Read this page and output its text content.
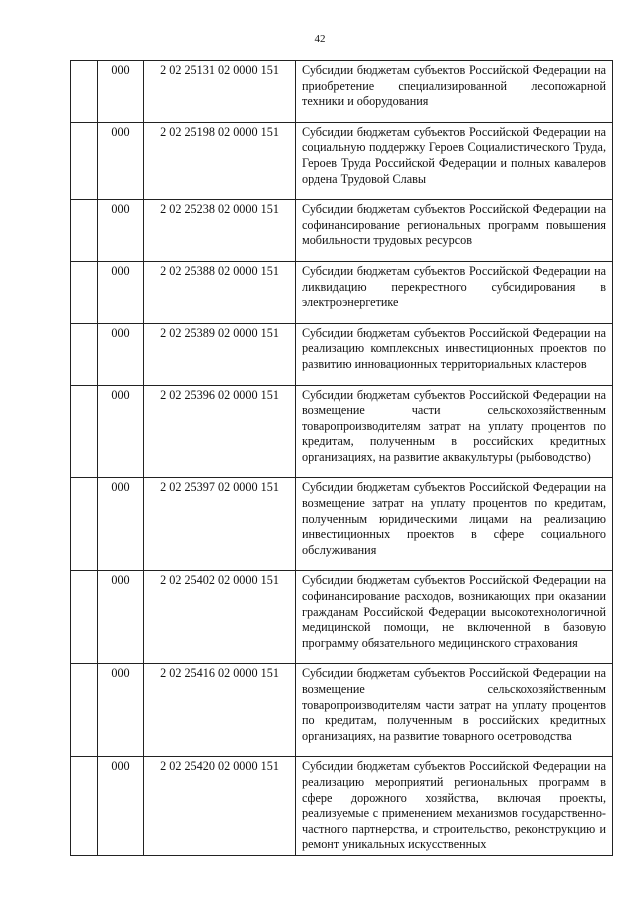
42
	000	2 02 25131 02 0000 151	Субсидии бюджетам субъектов Российской Федерации на приобретение специализированной лесопожарной техники и оборудования
	000	2 02 25198 02 0000 151	Субсидии бюджетам субъектов Российской Федерации на социальную поддержку Героев Социалистического Труда, Героев Труда Российской Федерации и полных кавалеров ордена Трудовой Славы
	000	2 02 25238 02 0000 151	Субсидии бюджетам субъектов Российской Федерации на софинансирование региональных программ повышения мобильности трудовых ресурсов
	000	2 02 25388 02 0000 151	Субсидии бюджетам субъектов Российской Федерации на ликвидацию перекрестного субсидирования в электроэнергетике
	000	2 02 25389 02 0000 151	Субсидии бюджетам субъектов Российской Федерации на реализацию комплексных инвестиционных проектов по развитию инновационных территориальных кластеров
	000	2 02 25396 02 0000 151	Субсидии бюджетам субъектов Российской Федерации на возмещение части сельскохозяйственным товаропроизводителям затрат на уплату процентов по кредитам, полученным в российских кредитных организациях, на развитие аквакультуры (рыбоводство)
	000	2 02 25397 02 0000 151	Субсидии бюджетам субъектов Российской Федерации на возмещение затрат на уплату процентов по кредитам, полученным юридическими лицами на реализацию инвестиционных проектов в сфере социального обслуживания
	000	2 02 25402 02 0000 151	Субсидии бюджетам субъектов Российской Федерации на софинансирование расходов, возникающих при оказании гражданам Российской Федерации высокотехнологичной медицинской помощи, не включенной в базовую программу обязательного медицинского страхования
	000	2 02 25416 02 0000 151	Субсидии бюджетам субъектов Российской Федерации на возмещение сельскохозяйственным товаропроизводителям части затрат на уплату процентов по кредитам, полученным в российских кредитных организациях, на развитие товарного осетроводства
	000	2 02 25420 02 0000 151	Субсидии бюджетам субъектов Российской Федерации на реализацию мероприятий региональных программ в сфере дорожного хозяйства, включая проекты, реализуемые с применением механизмов государственно-частного партнерства, и строительство, реконструкцию и ремонт уникальных искусственных
